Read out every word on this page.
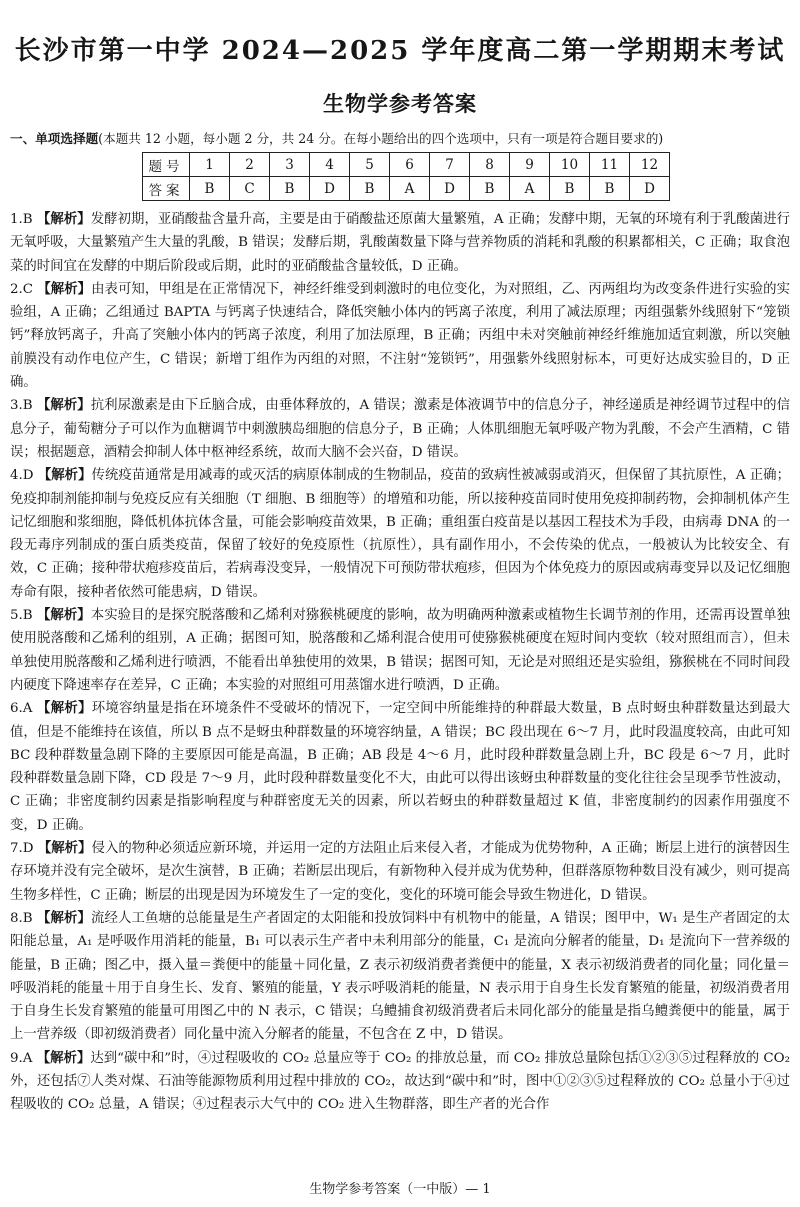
长沙市第一中学 2024—2025 学年度高二第一学期期末考试
生物学参考答案
一、单项选择题(本题共 12 小题，每小题 2 分，共 24 分。在每小题给出的四个选项中，只有一项是符合题目要求的)
题号	1	2	3	4	5	6	7	8	9	10	11	12
答案	B	C	B	D	B	A	D	B	A	B	B	D

1.B 【解析】发酵初期，亚硝酸盐含量升高，主要是由于硝酸盐还原菌大量繁殖，A 正确；发酵中期，无氧的环境有利于乳酸菌进行无氧呼吸，大量繁殖产生大量的乳酸，B 错误；发酵后期，乳酸菌数量下降与营养物质的消耗和乳酸的积累都相关，C 正确；取食泡菜的时间宜在发酵的中期后阶段或后期，此时的亚硝酸盐含量较低，D 正确。

2.C 【解析】由表可知，甲组是在正常情况下，神经纤维受到刺激时的电位变化，为对照组，乙、丙两组均为改变条件进行实验的实验组，A 正确；乙组通过 BAPTA 与钙离子快速结合，降低突触小体内的钙离子浓度，利用了减法原理；丙组强紫外线照射下“笼锁钙”释放钙离子，升高了突触小体内的钙离子浓度，利用了加法原理，B 正确；丙组中未对突触前神经纤维施加适宜刺激，所以突触前膜没有动作电位产生，C 错误；新增丁组作为丙组的对照，不注射“笼锁钙”，用强紫外线照射标本，可更好达成实验目的，D 正确。

3.B 【解析】抗利尿激素是由下丘脑合成，由垂体释放的，A 错误；激素是体液调节中的信息分子，神经递质是神经调节过程中的信息分子，葡萄糖分子可以作为血糖调节中刺激胰岛细胞的信息分子，B 正确；人体肌细胞无氧呼吸产物为乳酸，不会产生酒精，C 错误；根据题意，酒精会抑制人体中枢神经系统，故而大脑不会兴奋，D 错误。

4.D 【解析】传统疫苗通常是用减毒的或灭活的病原体制成的生物制品，疫苗的致病性被减弱或消灭，但保留了其抗原性，A 正确；免疫抑制剂能抑制与免疫反应有关细胞（T 细胞、B 细胞等）的增殖和功能，所以接种疫苗同时使用免疫抑制药物，会抑制机体产生记忆细胞和浆细胞，降低机体抗体含量，可能会影响疫苗效果，B 正确；重组蛋白疫苗是以基因工程技术为手段，由病毒 DNA 的一段无毒序列制成的蛋白质类疫苗，保留了较好的免疫原性（抗原性），具有副作用小，不会传染的优点，一般被认为比较安全、有效，C 正确；接种带状疱疹疫苗后，若病毒没变异，一般情况下可预防带状疱疹，但因为个体免疫力的原因或病毒变异以及记忆细胞寿命有限，接种者依然可能患病，D 错误。

5.B 【解析】本实验目的是探究脱落酸和乙烯利对猕猴桃硬度的影响，故为明确两种激素或植物生长调节剂的作用，还需再设置单独使用脱落酸和乙烯利的组别，A 正确；据图可知，脱落酸和乙烯利混合使用可使猕猴桃硬度在短时间内变软（较对照组而言），但未单独使用脱落酸和乙烯利进行喷洒，不能看出单独使用的效果，B 错误；据图可知，无论是对照组还是实验组，猕猴桃在不同时间段内硬度下降速率存在差异，C 正确；本实验的对照组可用蒸馏水进行喷洒，D 正确。

6.A 【解析】环境容纳量是指在环境条件不受破坏的情况下，一定空间中所能维持的种群最大数量，B 点时蚜虫种群数量达到最大值，但是不能维持在该值，所以 B 点不是蚜虫种群数量的环境容纳量，A 错误；BC 段出现在 6～7 月，此时段温度较高，由此可知 BC 段种群数量急剧下降的主要原因可能是高温，B 正确；AB 段是 4～6 月，此时段种群数量急剧上升，BC 段是 6～7 月，此时段种群数量急剧下降，CD 段是 7～9 月，此时段种群数量变化不大，由此可以得出该蚜虫种群数量的变化往往会呈现季节性波动，C 正确；非密度制约因素是指影响程度与种群密度无关的因素，所以若蚜虫的种群数量超过 K 值，非密度制约的因素作用强度不变，D 正确。

7.D 【解析】侵入的物种必须适应新环境，并运用一定的方法阻止后来侵入者，才能成为优势物种，A 正确；断层上进行的演替因生存环境并没有完全破坏，是次生演替，B 正确；若断层出现后，有新物种入侵并成为优势种，但群落原物种数目没有减少，则可提高生物多样性，C 正确；断层的出现是因为环境发生了一定的变化，变化的环境可能会导致生物进化，D 错误。

8.B 【解析】流经人工鱼塘的总能量是生产者固定的太阳能和投放饲料中有机物中的能量，A 错误；图甲中，W₁ 是生产者固定的太阳能总量，A₁ 是呼吸作用消耗的能量，B₁ 可以表示生产者中未利用部分的能量，C₁ 是流向分解者的能量，D₁ 是流向下一营养级的能量，B 正确；图乙中，摄入量＝粪便中的能量＋同化量，Z 表示初级消费者粪便中的能量，X 表示初级消费者的同化量；同化量＝呼吸消耗的能量＋用于自身生长、发育、繁殖的能量，Y 表示呼吸消耗的能量，N 表示用于自身生长发育繁殖的能量，初级消费者用于自身生长发育繁殖的能量可用图乙中的 N 表示，C 错误；乌鳢捕食初级消费者后未同化部分的能量是指乌鳢粪便中的能量，属于上一营养级（即初级消费者）同化量中流入分解者的能量，不包含在 Z 中，D 错误。

9.A 【解析】达到“碳中和”时，④过程吸收的 CO₂ 总量应等于 CO₂ 的排放总量，而 CO₂ 排放总量除包括①②③⑤过程释放的 CO₂ 外，还包括⑦人类对煤、石油等能源物质利用过程中排放的 CO₂，故达到“碳中和”时，图中①②③⑤过程释放的 CO₂ 总量小于④过程吸收的 CO₂ 总量，A 错误；④过程表示大气中的 CO₂ 进入生物群落，即生产者的光合作

生物学参考答案（一中版）— 1
